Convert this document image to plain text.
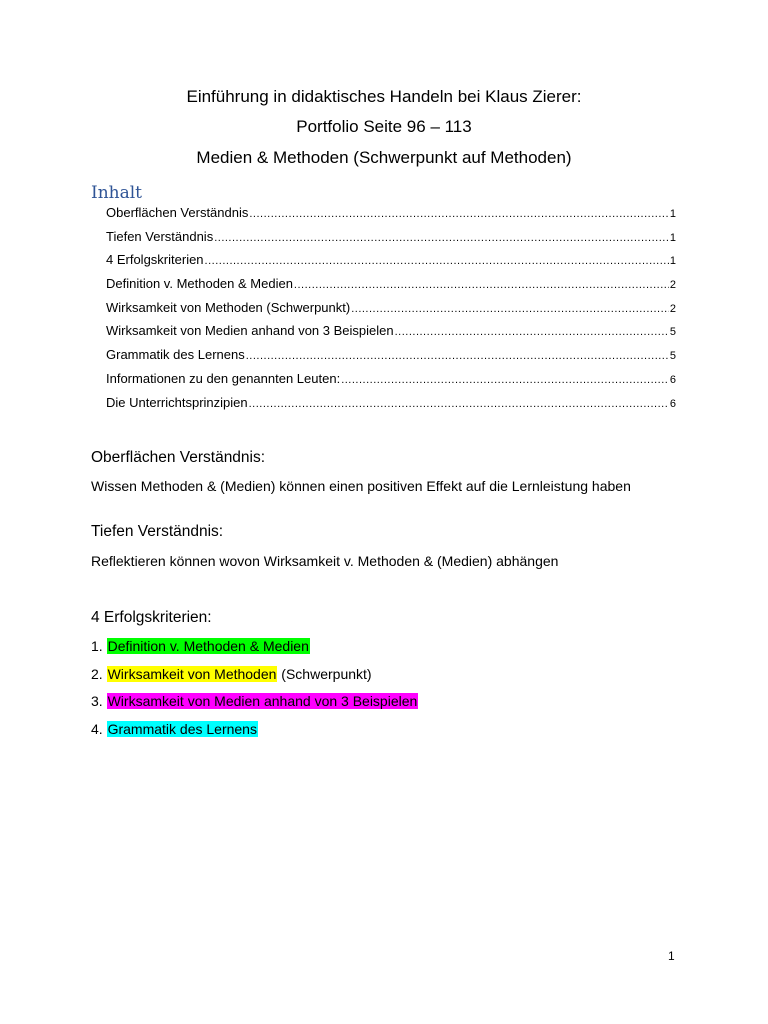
Einführung in didaktisches Handeln bei Klaus Zierer:
Portfolio Seite 96 – 113
Medien & Methoden (Schwerpunkt auf Methoden)
Inhalt
Oberflächen Verständnis .....	1
Tiefen Verständnis .....	1
4 Erfolgskriterien .....	1
Definition v. Methoden & Medien .....	2
Wirksamkeit von Methoden (Schwerpunkt) .....	2
Wirksamkeit von Medien anhand von 3 Beispielen .....	5
Grammatik des Lernens .....	5
Informationen zu den genannten Leuten: .....	6
Die Unterrichtsprinzipien .....	6
Oberflächen Verständnis:
Wissen Methoden & (Medien) können einen positiven Effekt auf die Lernleistung haben
Tiefen Verständnis:
Reflektieren können wovon Wirksamkeit v. Methoden & (Medien) abhängen
4 Erfolgskriterien:
1. Definition v. Methoden & Medien
2. Wirksamkeit von Methoden (Schwerpunkt)
3. Wirksamkeit von Medien anhand von 3 Beispielen
4. Grammatik des Lernens
1
